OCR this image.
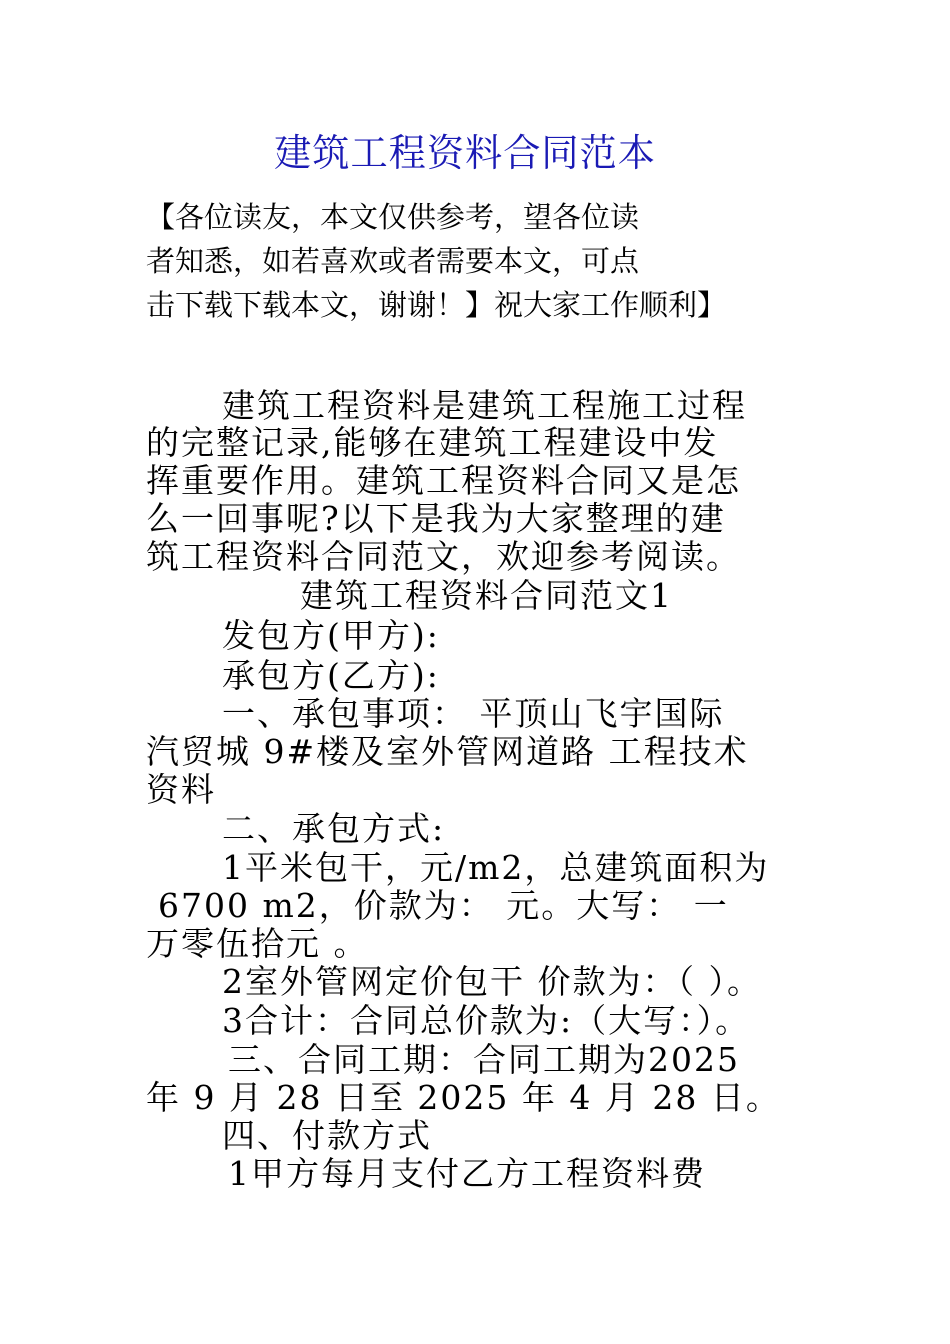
建筑工程资料合同范本
【各位读友，本文仅供参考，望各位读
者知悉，如若喜欢或者需要本文，可点
击下载下载本文，谢谢！】祝大家工作顺利】
建筑工程资料是建筑工程施工过程
的完整记录,能够在建筑工程建设中发
挥重要作用。建筑工程资料合同又是怎
么一回事呢?以下是我为大家整理的建
筑工程资料合同范文，欢迎参考阅读。
建筑工程资料合同范文1
发包方(甲方):
承包方(乙方):
一、承包事项： 平顶山飞宇国际
汽贸城 9#楼及室外管网道路 工程技术
资料
二、承包方式:
1平米包干，元/m2，总建筑面积为
6700 m2，价款为： 元。大写： 一
万零伍拾元 。
2室外管网定价包干 价款为：（ ）。
3合计：合同总价款为:（大写：）。
三、合同工期：合同工期为2025
年 9 月 28 日至 2025 年 4 月 28 日。
四、付款方式
1甲方每月支付乙方工程资料费
